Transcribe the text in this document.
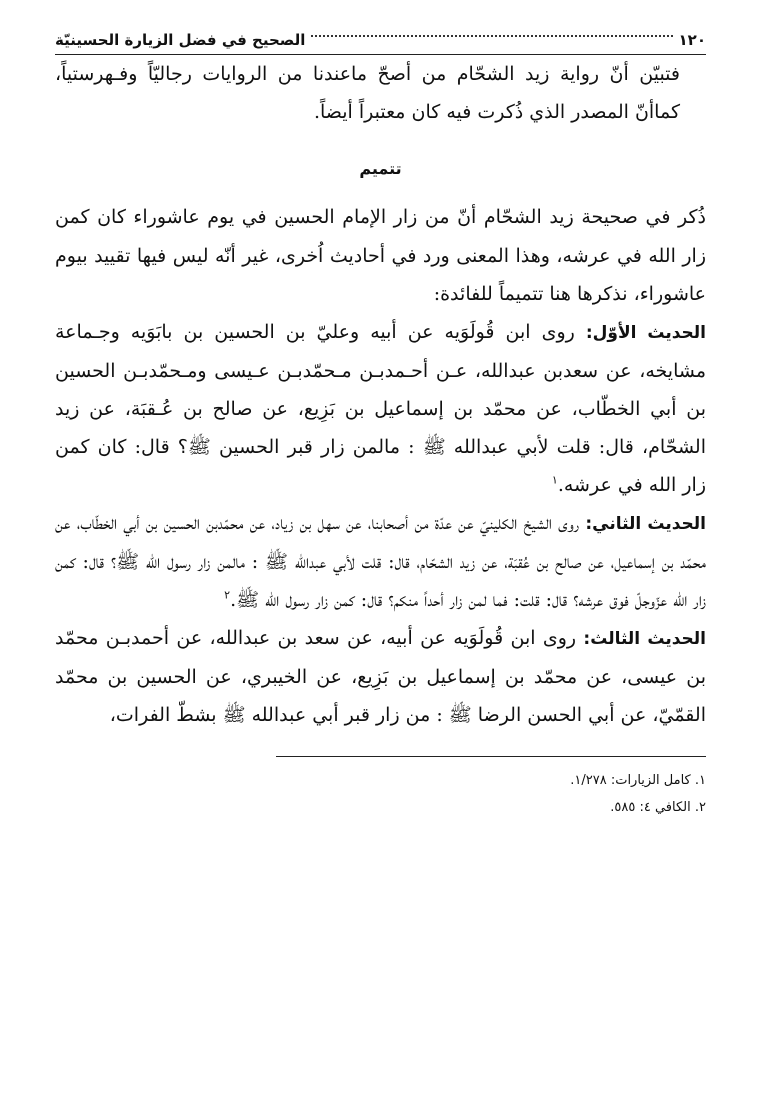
١٢٠
الصحيح في فضل الزيارة الحسينيّة

فتبيّن أنّ رواية زيد الشحّام من أصحّ ماعندنا من الروايات رجاليّاً وفـهرستياً، كماأنّ المصدر الذي ذُكرت فيه كان معتبراً أيضاً.

تتميم

ذُكر في صحيحة زيد الشحّام أنّ من زار الإمام الحسين في يوم عاشوراء كان كمن زار الله في عرشه، وهذا المعنى ورد في أحاديث اُخرى، غير أنّه ليس فيها تقييد بيوم عاشوراء، نذكرها هنا تتميماً للفائدة:

الحديث الأوّل: روى ابن قُولَوَيه عن أبيه وعليّ بن الحسين بن بابَوَيه وجـماعة مشايخه، عن سعدبن عبدالله، عـن أحـمدبـن مـحمّدبـن عـيسى ومـحمّدبـن الحسين بن أبي الخطّاب، عن محمّد بن إسماعيل بن بَزِيع، عن صالح بن عُـقبَة، عن زيد الشحّام، قال: قلت لأبي عبدالله ﷺ : مالمن زار قبر الحسين ﷺ؟ قال: كان كمن زار الله في عرشه.$^١$

الحديث الثاني: روى الشيخ الكلينيّ عن عدّة من أصحابنا، عن سهل بن زياد، عن محمّدبن الحسين بن أبي الخطّاب، عن محمّد بن إسماعيل، عن صالح بن عُقبَة، عن زيد الشحّام، قال: قلت لأبي عبدالله ﷺ : مالمن زار رسول الله ﷺ؟ قال: كمن زار الله عزّوجلّ فوق عرشه؟ قال: قلت: فما لمن زار أحداً منكم؟ قال: كمن زار رسول الله ﷺ.$^٢$

الحديث الثالث: روى ابن قُولَوَيه عن أبيه، عن سعد بن عبدالله، عن أحمدبـن محمّد بن عيسى، عن محمّد بن إسماعيل بن بَزِيع، عن الخيبري، عن الحسين بن محمّد القمّيّ، عن أبي الحسن الرضا ﷺ : من زار قبر أبي عبدالله ﷺ بشطّ الفرات،

١. كامل الزيارات: ١/٢٧٨.
٢. الكافي ٤: ٥٨٥.
